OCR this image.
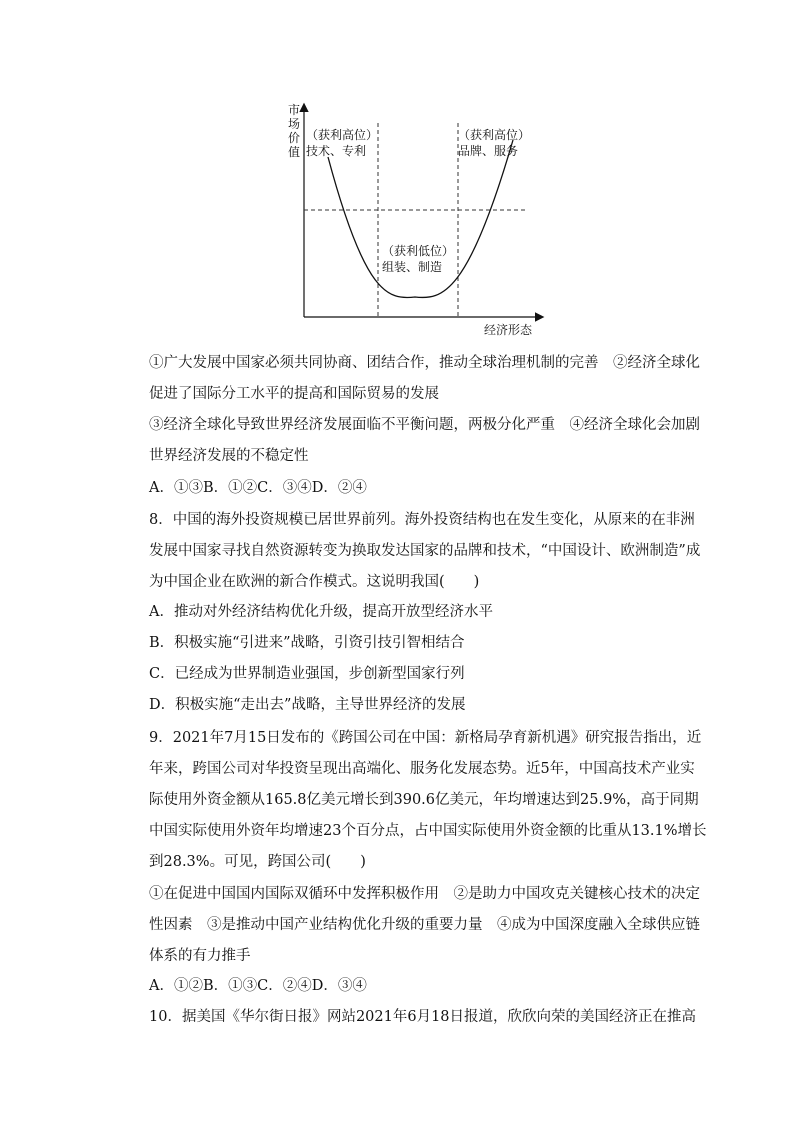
市
场
价
值
（获利高位）
技术、专利
（获利高位）
品牌、服务
（获利低位）
组装、制造
经济形态
①广大发展中国家必须共同协商、团结合作，推动全球治理机制的完善　②经济全球化促进了国际分工水平的提高和国际贸易的发展
③经济全球化导致世界经济发展面临不平衡问题，两极分化严重　④经济全球化会加剧世界经济发展的不稳定性
A．①③B．①②C．③④D．②④
8．中国的海外投资规模已居世界前列。海外投资结构也在发生变化，从原来的在非洲发展中国家寻找自然资源转变为换取发达国家的品牌和技术，“中国设计、欧洲制造”成为中国企业在欧洲的新合作模式。这说明我国(　　)
A．推动对外经济结构优化升级，提高开放型经济水平
B．积极实施“引进来”战略，引资引技引智相结合
C．已经成为世界制造业强国，步创新型国家行列
D．积极实施“走出去”战略，主导世界经济的发展
9．2021年7月15日发布的《跨国公司在中国：新格局孕育新机遇》研究报告指出，近年来，跨国公司对华投资呈现出高端化、服务化发展态势。近5年，中国高技术产业实际使用外资金额从165.8亿美元增长到390.6亿美元，年均增速达到25.9%，高于同期中国实际使用外资年均增速23个百分点，占中国实际使用外资金额的比重从13.1%增长到28.3%。可见，跨国公司(　　)
①在促进中国国内国际双循环中发挥积极作用　②是助力中国攻克关键核心技术的决定性因素　③是推动中国产业结构优化升级的重要力量　④成为中国深度融入全球供应链体系的有力推手
A．①②B．①③C．②④D．③④
10．据美国《华尔街日报》网站2021年6月18日报道，欣欣向荣的美国经济正在推高
